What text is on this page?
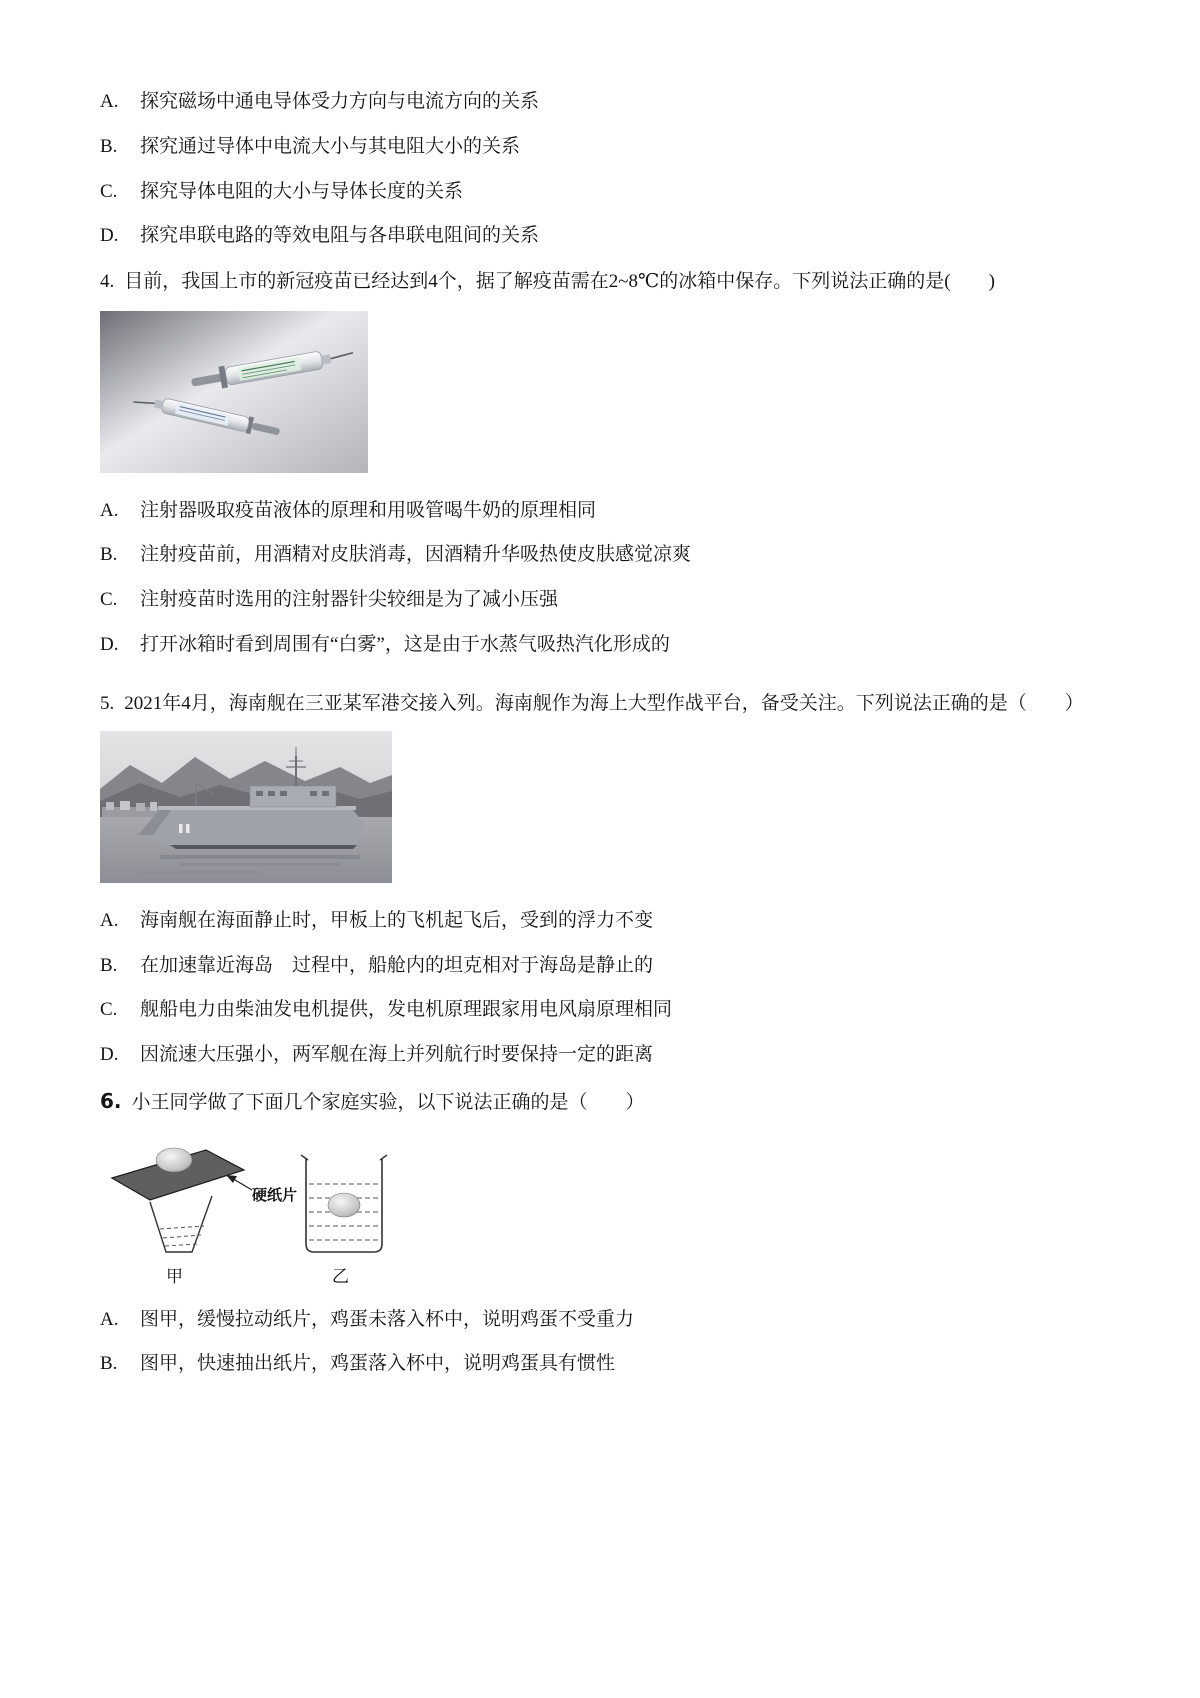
A.	探究磁场中通电导体受力方向与电流方向的关系
B.	探究通过导体中电流大小与其电阻大小的关系
C.	探究导体电阻的大小与导体长度的关系
D.	探究串联电路的等效电阻与各串联电阻间的关系

4. 目前，我国上市的新冠疫苗已经达到4个，据了解疫苗需在2~8℃的冰箱中保存。下列说法正确的是(　　)

A.	注射器吸取疫苗液体的原理和用吸管喝牛奶的原理相同
B.	注射疫苗前，用酒精对皮肤消毒，因酒精升华吸热使皮肤感觉凉爽
C.	注射疫苗时选用的注射器针尖较细是为了减小压强
D.	打开冰箱时看到周围有“白雾”，这是由于水蒸气吸热汽化形成的

5. 2021年4月，海南舰在三亚某军港交接入列。海南舰作为海上大型作战平台，备受关注。下列说法正确的是（　　）

A.	海南舰在海面静止时，甲板上的飞机起飞后，受到的浮力不变
B.	在加速靠近海岛　过程中，船舱内的坦克相对于海岛是静止的
C.	舰船电力由柴油发电机提供，发电机原理跟家用电风扇原理相同
D.	因流速大压强小，两军舰在海上并列航行时要保持一定的距离

6. 小王同学做了下面几个家庭实验，以下说法正确的是（　　）

硬纸片
甲	乙
A.	图甲，缓慢拉动纸片，鸡蛋未落入杯中，说明鸡蛋不受重力
B.	图甲，快速抽出纸片，鸡蛋落入杯中，说明鸡蛋具有惯性
